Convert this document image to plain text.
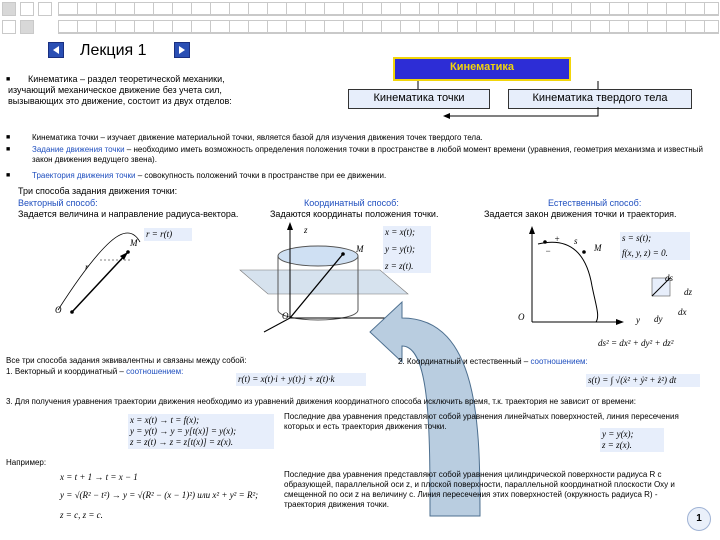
Лекция 1
■	Кинематика – раздел теоретической механики, изучающий механическое движение без учета сил, вызывающих это движение, состоит из двух отделов:
Кинематика
Кинематика точки	Кинематика твердого тела
■	Кинематика точки – изучает движение материальной точки, является базой для изучения движения точек твердого тела.
■	Задание движения точки – необходимо иметь возможность определения положения точки в пространстве в любой момент времени (уравнения, геометрия механизма и известный закон движения ведущего звена).
■	Траектория движения точки – совокупность положений точки в пространстве при ее движении.
Три способа задания движения точки:
Векторный способ:
Задается величина и направление радиуса-вектора.
Координатный способ:
Задаются координаты положения точки.
Естественный способ:
Задается закон движения точки и траектория.
r = r(t)	x = x(t);
y = y(t);
z = z(t).
s = s(t);
f(x, y, z) = 0.
M
O
r
M
O
z
M
O
+
−
s
y
ds
dz
dx
dy
ds² = dx² + dy² + dz²
Все три способа задания эквивалентны и связаны между собой:
1. Векторный и координатный – соотношением:
r(t) = x(t)·i + y(t)·j + z(t)·k
2. Координатный и естественный – соотношением:
s(t) = ∫ √(ẋ² + ẏ² + ż²) dt
3. Для получения уравнения траектории движения необходимо из уравнений движения координатного способа исключить время, т.к. траектория не зависит от времени:
x = x(t) → t = f(x);
y = y(t) → y = y[t(x)] = y(x);
z = z(t) → z = z[t(x)] = z(x).
Последние два уравнения представляют собой уравнения линейчатых поверхностей, линия пересечения которых и есть траектория движения точки.
y = y(x);
z = z(x).
Например:
x = t + 1 → t = x − 1
y = √(R² − t²) → y = √(R² − (x − 1)²) или x² + y² = R²;
z = c, z = c.
Последние два уравнения представляют собой уравнения цилиндрической поверхности радиуса R с образующей, параллельной оси z, и плоской поверхности, параллельной координатной плоскости Oxy и смещенной по оси z на величину c. Линия пересечения этих поверхностей (окружность радиуса R) - траектория движения точки.
1
